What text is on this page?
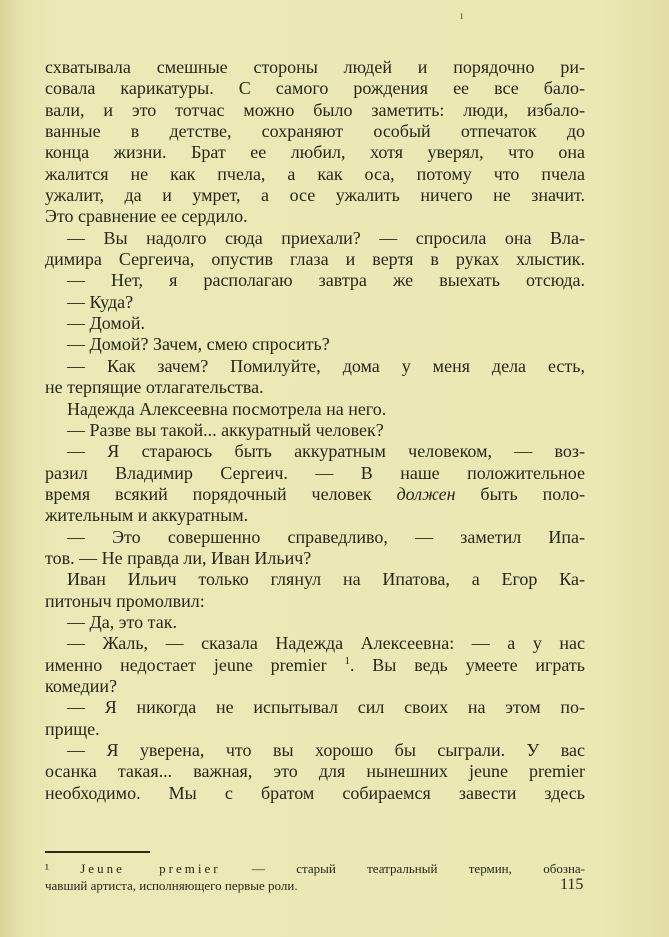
ı
схватывала смешные стороны людей и порядочно ри-
совала карикатуры. С самого рождения ее все бало-
вали, и это тотчас можно было заметить: люди, избало-
ванные в детстве, сохраняют особый отпечаток до
конца жизни. Брат ее любил, хотя уверял, что она
жалится не как пчела, а как оса, потому что пчела
ужалит, да и умрет, а осе ужалить ничего не значит.
Это сравнение ее сердило.
— Вы надолго сюда приехали? — спросила она Вла-
димира Сергеича, опустив глаза и вертя в руках хлыстик.
— Нет, я располагаю завтра же выехать отсюда.
— Куда?
— Домой.
— Домой? Зачем, смею спросить?
— Как зачем? Помилуйте, дома у меня дела есть,
не терпящие отлагательства.
Надежда Алексеевна посмотрела на него.
— Разве вы такой... аккуратный человек?
— Я стараюсь быть аккуратным человеком, — воз-
разил Владимир Сергеич. — В наше положительное
время всякий порядочный человек должен быть поло-
жительным и аккуратным.
— Это совершенно справедливо, — заметил Ипа-
тов. — Не правда ли, Иван Ильич?
Иван Ильич только глянул на Ипатова, а Егор Ка-
питоныч промолвил:
— Да, это так.
— Жаль, — сказала Надежда Алексеевна: — а у нас
именно недостает jeune premier $^1$. Вы ведь умеете играть
комедии?
— Я никогда не испытывал сил своих на этом по-
прище.
— Я уверена, что вы хорошо бы сыграли. У вас
осанка такая... важная, это для нынешних jeune premier
необходимо. Мы с братом собираемся завести здесь
¹ Jeune premier — старый театральный термин, обозна-
чавший артиста, исполняющего первые роли.	115
